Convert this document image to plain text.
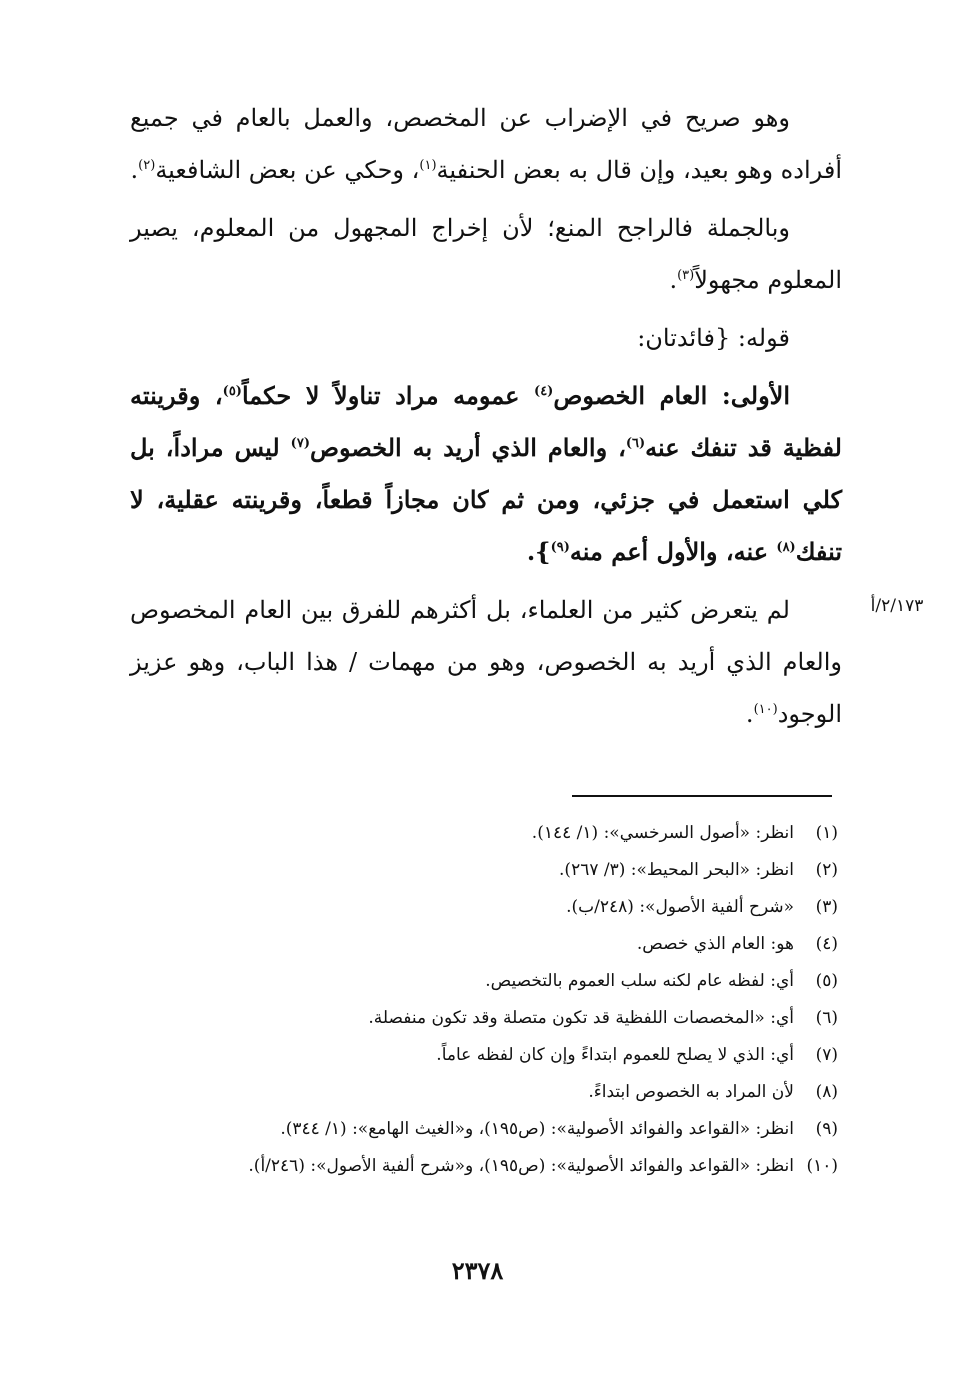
وهو صريح في الإضراب عن المخصص، والعمل بالعام في جميع أفراده وهو بعيد، وإن قال به بعض الحنفية$^{(١)}$، وحكي عن بعض الشافعية$^{(٢)}$.

وبالجملة فالراجح المنع؛ لأن إخراج المجهول من المعلوم، يصير المعلوم مجهولاً$^{(٣)}$.

قوله: {فائدتان:

الأولى: العام الخصوص$^{(٤)}$ عمومه مراد تناولاً لا حكماً$^{(٥)}$، وقرينته لفظية قد تنفك عنه$^{(٦)}$، والعام الذي أريد به الخصوص$^{(٧)}$ ليس مراداً، بل كلي استعمل في جزئي، ومن ثم كان مجازاً قطعاً، وقرينته عقلية، لا تنفك$^{(٨)}$ عنه، والأول أعم منه$^{(٩)}$}.

لم يتعرض كثير من العلماء، بل أكثرهم للفرق بين العام المخصوص والعام الذي أريد به الخصوص، وهو من مهمات / هذا الباب، وهو عزيز الوجود$^{(١٠)}$.

٢/١٧٣/أ
(١)
انظر: «أصول السرخسي»: (١/ ١٤٤).
(٢)
انظر: «البحر المحيط»: (٣/ ٢٦٧).
(٣)
«شرح ألفية الأصول»: (٢٤٨/ب).
(٤)
هو: العام الذي خصص.
(٥)
أي: لفظه عام لكنه سلب العموم بالتخصيص.
(٦)
أي: «المخصصات اللفظية قد تكون متصلة وقد تكون منفصلة.
(٧)
أي: الذي لا يصلح للعموم ابتداءً وإن كان لفظه عاماً.
(٨)
لأن المراد به الخصوص ابتداءً.
(٩)
انظر: «القواعد والفوائد الأصولية»: (ص١٩٥)، و«الغيث الهامع»: (١/ ٣٤٤).
(١٠)
انظر: «القواعد والفوائد الأصولية»: (ص١٩٥)، و«شرح ألفية الأصول»: (٢٤٦/أ).
٢٣٧٨
